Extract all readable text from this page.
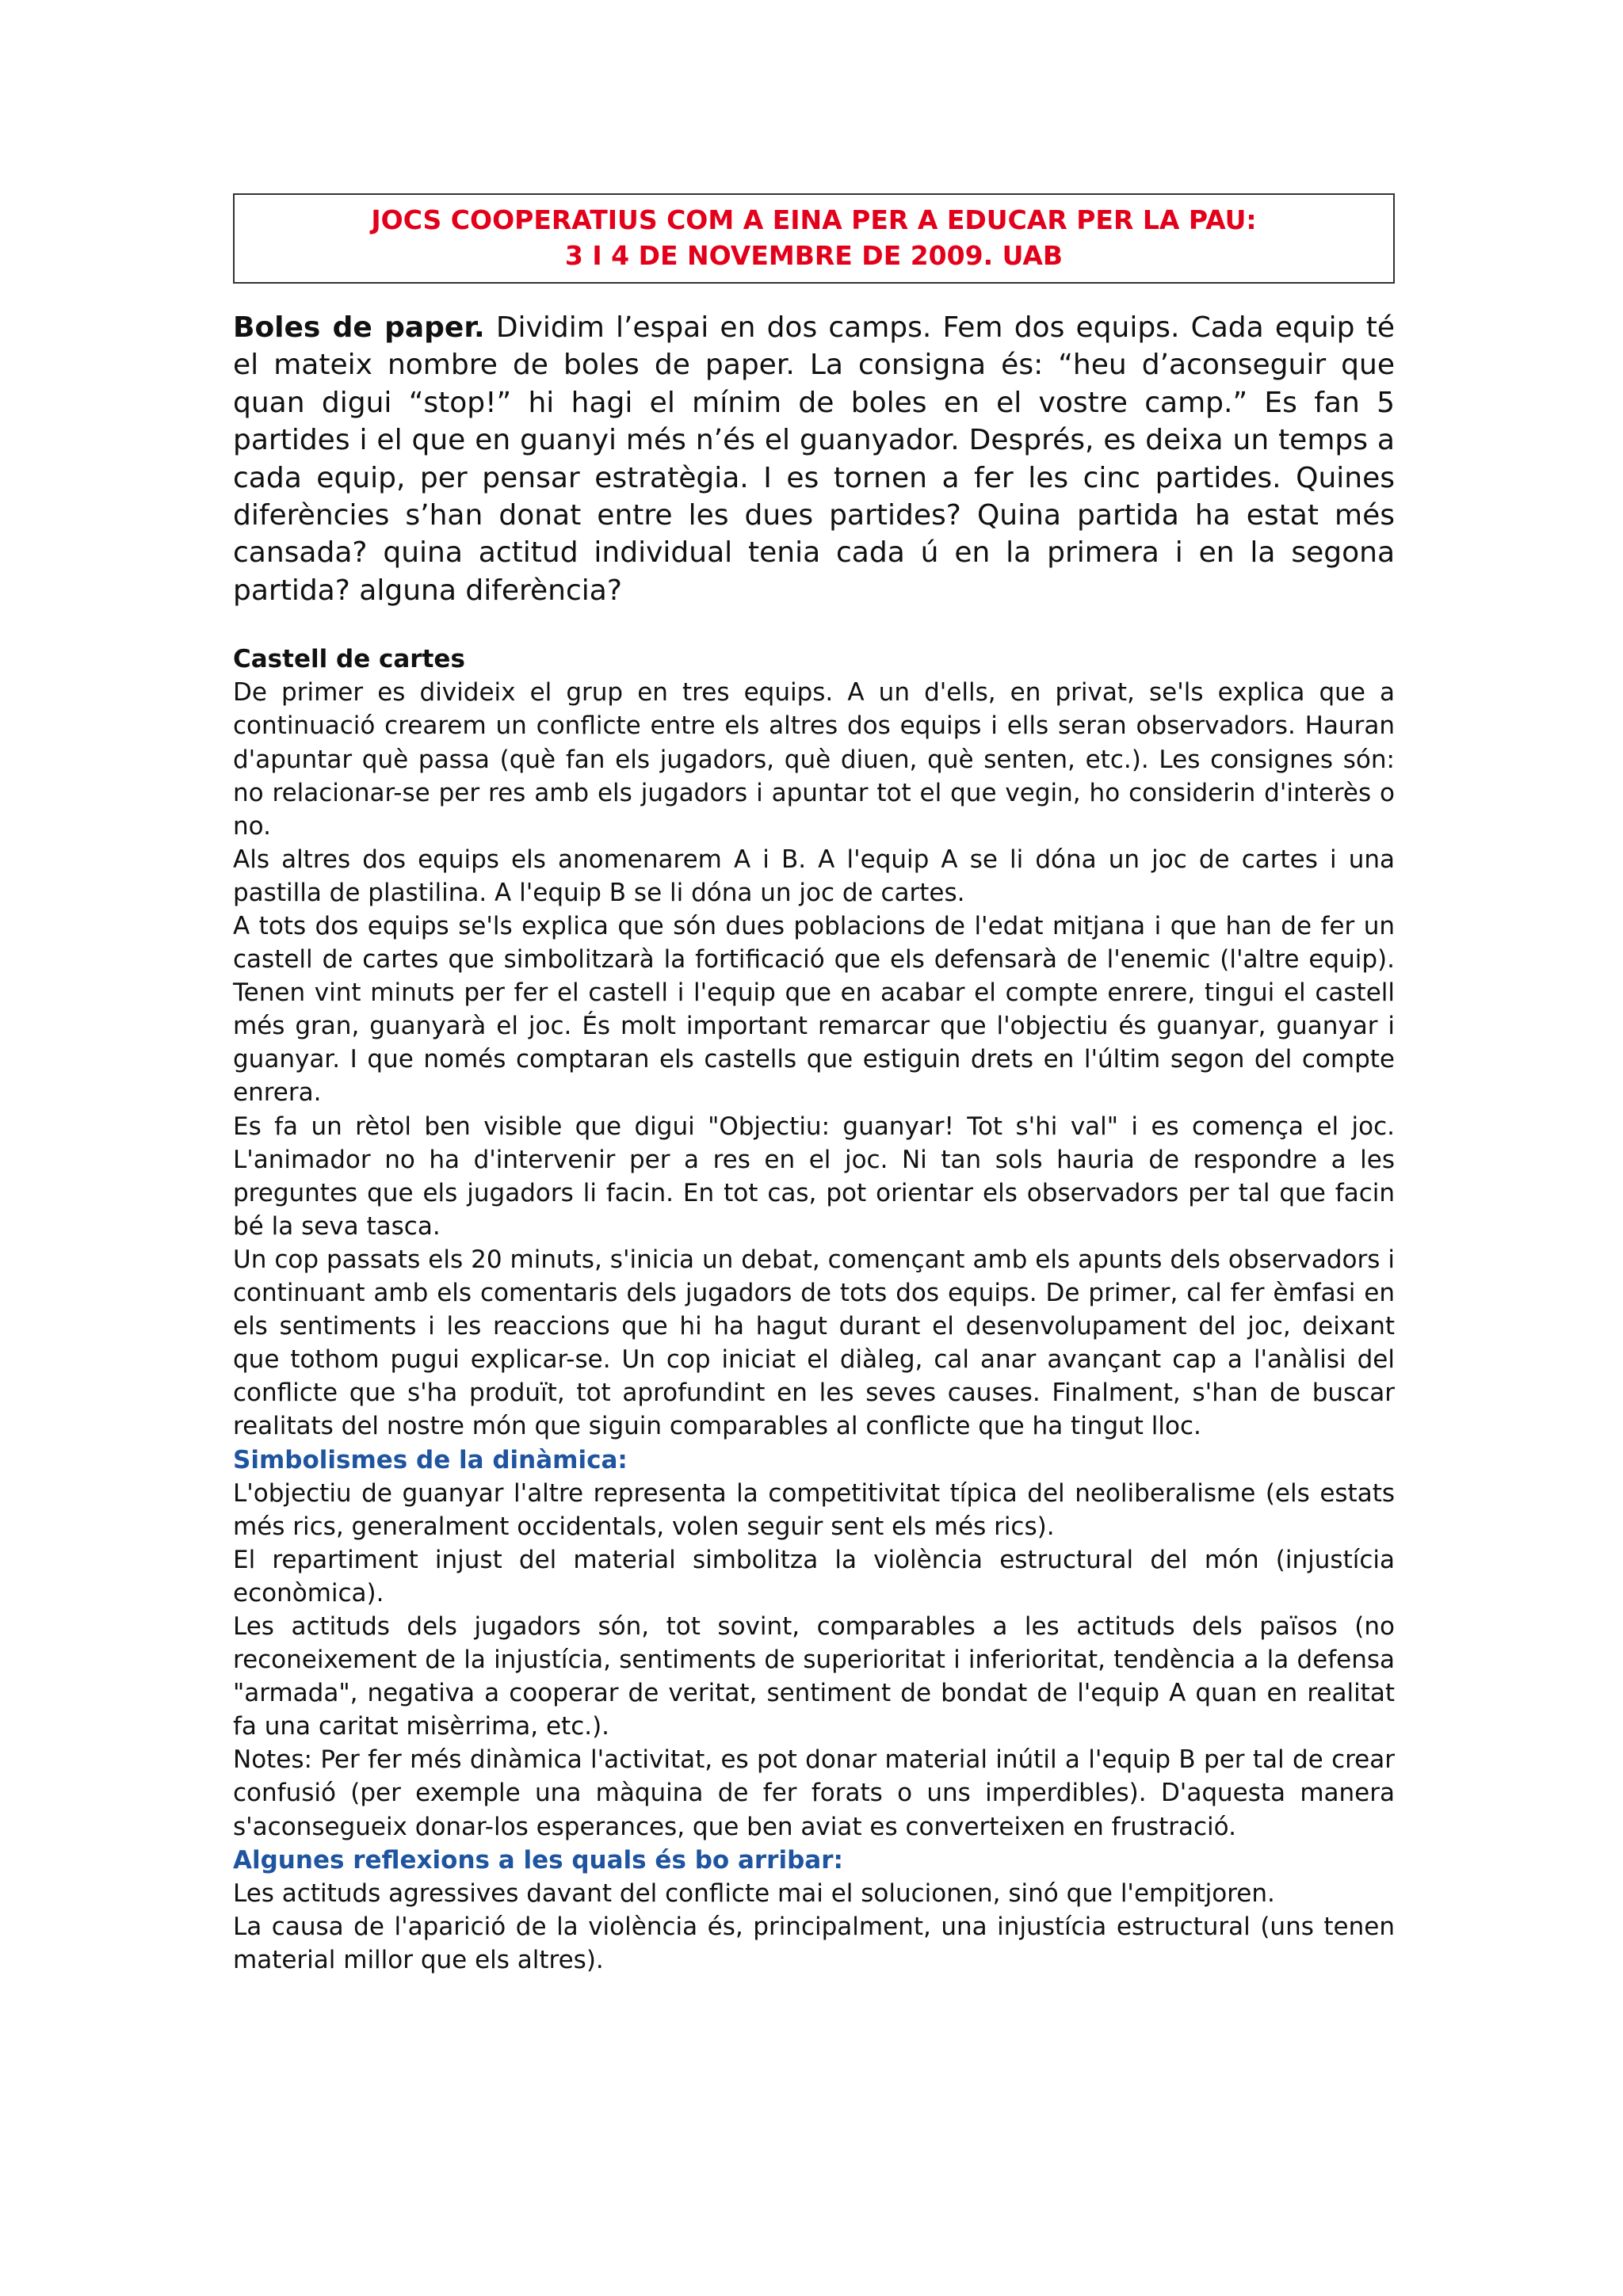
JOCS COOPERATIUS COM A EINA PER A EDUCAR PER LA PAU:
3 I 4 DE NOVEMBRE DE 2009. UAB

Boles de paper. Dividim l’espai en dos camps. Fem dos equips. Cada equip té el mateix nombre de boles de paper. La consigna és: “heu d’aconseguir que quan digui “stop!” hi hagi el mínim de boles en el vostre camp.” Es fan 5 partides i el que en guanyi més n’és el guanyador. Després, es deixa un temps a cada equip, per pensar estratègia. I es tornen a fer les cinc partides. Quines diferències s’han donat entre les dues partides? Quina partida ha estat més cansada? quina actitud individual tenia cada ú en la primera i en la segona partida? alguna diferència?

Castell de cartes

De primer es divideix el grup en tres equips. A un d'ells, en privat, se'ls explica que a continuació crearem un conflicte entre els altres dos equips i ells seran observadors. Hauran d'apuntar què passa (què fan els jugadors, què diuen, què senten, etc.). Les consignes són: no relacionar-se per res amb els jugadors i apuntar tot el que vegin, ho considerin d'interès o no.

Als altres dos equips els anomenarem A i B. A l'equip A se li dóna un joc de cartes i una pastilla de plastilina. A l'equip B se li dóna un joc de cartes.

A tots dos equips se'ls explica que són dues poblacions de l'edat mitjana i que han de fer un castell de cartes que simbolitzarà la fortificació que els defensarà de l'enemic (l'altre equip). Tenen vint minuts per fer el castell i l'equip que en acabar el compte enrere, tingui el castell més gran, guanyarà el joc. És molt important remarcar que l'objectiu és guanyar, guanyar i guanyar. I que només comptaran els castells que estiguin drets en l'últim segon del compte enrera.

Es fa un rètol ben visible que digui "Objectiu: guanyar! Tot s'hi val" i es comença el joc. L'animador no ha d'intervenir per a res en el joc. Ni tan sols hauria de respondre a les preguntes que els jugadors li facin. En tot cas, pot orientar els observadors per tal que facin bé la seva tasca.

Un cop passats els 20 minuts, s'inicia un debat, començant amb els apunts dels observadors i continuant amb els comentaris dels jugadors de tots dos equips. De primer, cal fer èmfasi en els sentiments i les reaccions que hi ha hagut durant el desenvolupament del joc, deixant que tothom pugui explicar-se. Un cop iniciat el diàleg, cal anar avançant cap a l'anàlisi del conflicte que s'ha produït, tot aprofundint en les seves causes. Finalment, s'han de buscar realitats del nostre món que siguin comparables al conflicte que ha tingut lloc.

Simbolismes de la dinàmica:

L'objectiu de guanyar l'altre representa la competitivitat típica del neoliberalisme (els estats més rics, generalment occidentals, volen seguir sent els més rics).

El repartiment injust del material simbolitza la violència estructural del món (injustícia econòmica).

Les actituds dels jugadors són, tot sovint, comparables a les actituds dels països (no reconeixement de la injustícia, sentiments de superioritat i inferioritat, tendència a la defensa "armada", negativa a cooperar de veritat, sentiment de bondat de l'equip A quan en realitat fa una caritat misèrrima, etc.).

Notes: Per fer més dinàmica l'activitat, es pot donar material inútil a l'equip B per tal de crear confusió (per exemple una màquina de fer forats o uns imperdibles). D'aquesta manera s'aconsegueix donar-los esperances, que ben aviat es converteixen en frustració.

Algunes reflexions a les quals és bo arribar:

Les actituds agressives davant del conflicte mai el solucionen, sinó que l'empitjoren.

La causa de l'aparició de la violència és, principalment, una injustícia estructural (uns tenen material millor que els altres).
